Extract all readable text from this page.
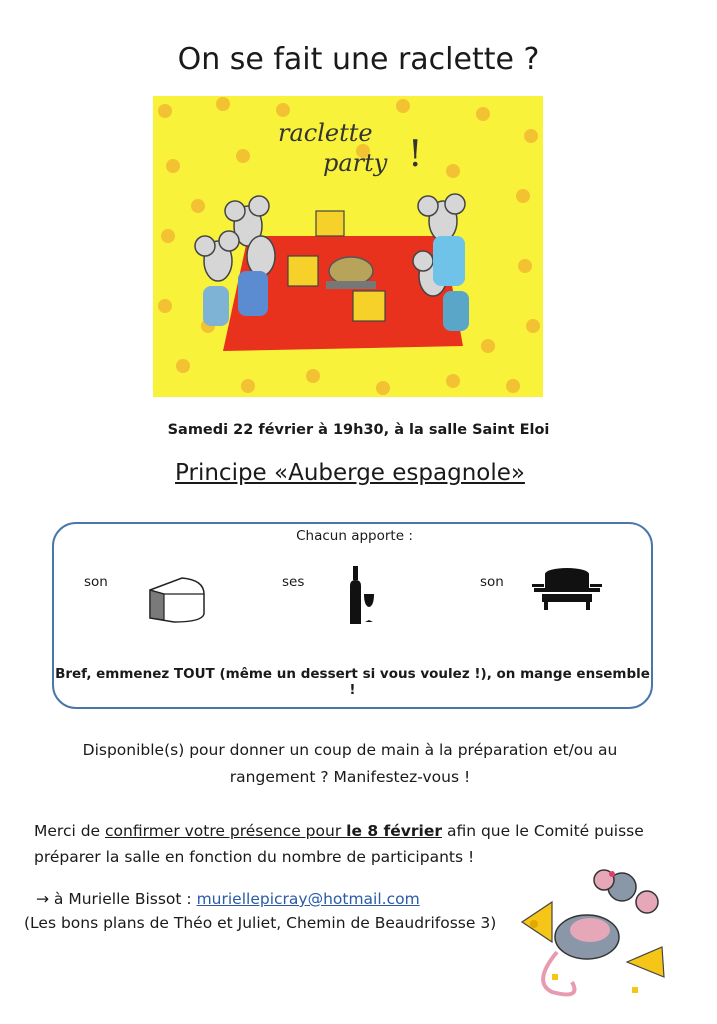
On se fait une raclette ?
raclette
party !
Samedi 22 février à 19h30, à la salle Saint Eloi
Principe «Auberge espagnole»
Chacun apporte :
son	ses	son
Bref, emmenez TOUT (même un dessert si vous voulez !), on mange ensemble !
Disponible(s) pour donner un coup de main à la préparation et/ou au
rangement ? Manifestez-vous !
Merci de confirmer votre présence pour le 8 février afin que le Comité puisse
préparer la salle en fonction du nombre de participants !
→ à Murielle Bissot : muriellepicray@hotmail.com
(Les bons plans de Théo et Juliet, Chemin de Beaudrifosse 3)
